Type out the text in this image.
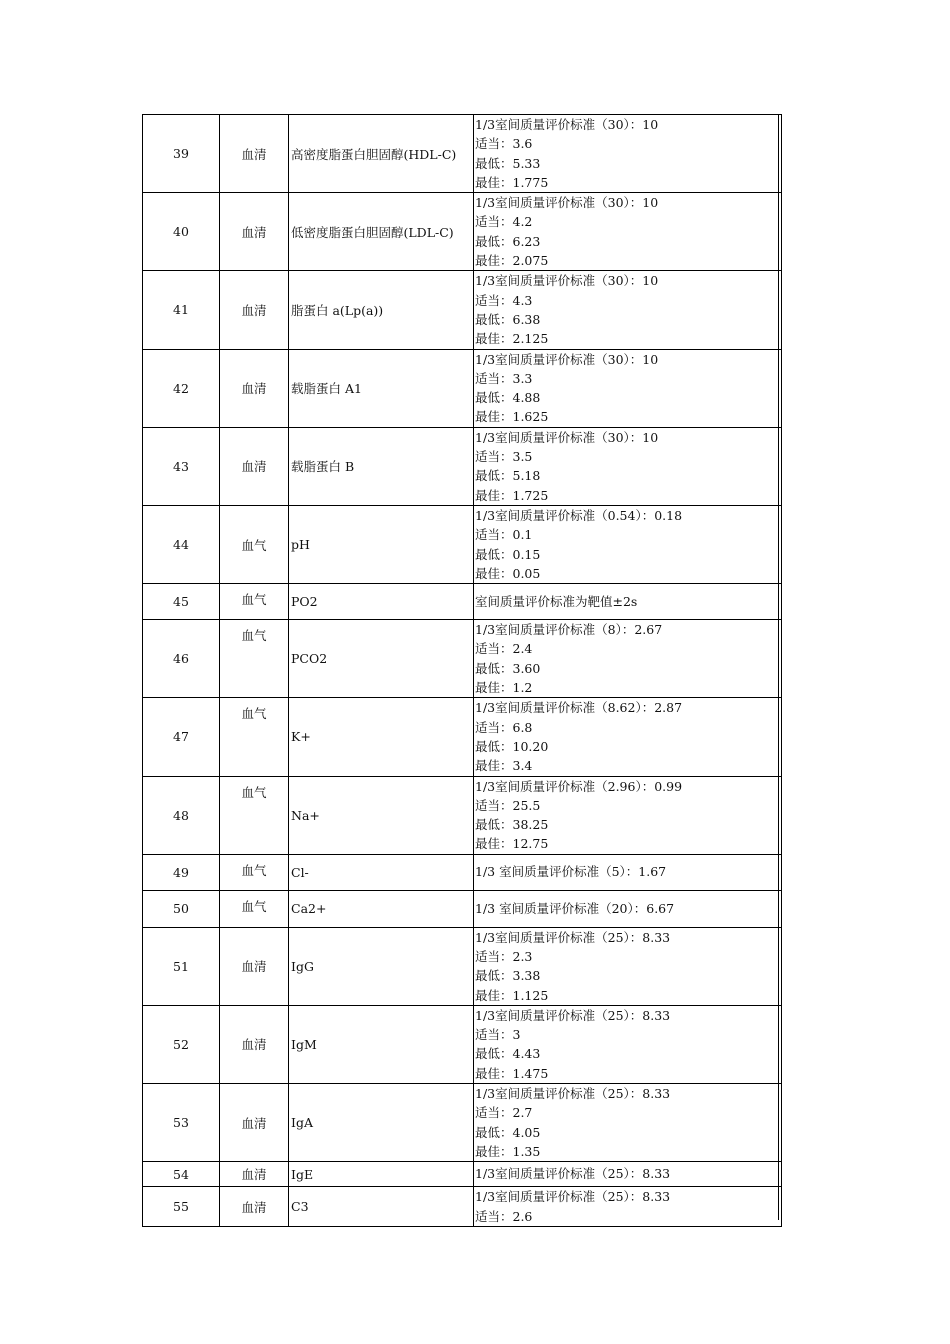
39	血清	高密度脂蛋白胆固醇(HDL-C)	1/3室间质量评价标准（30）：10
适当：3.6
最低：5.33
最佳：1.775

40	血清	低密度脂蛋白胆固醇(LDL-C)	1/3室间质量评价标准（30）：10
适当：4.2
最低：6.23
最佳：2.075

41	血清	脂蛋白 a(Lp(a))	1/3室间质量评价标准（30）：10
适当：4.3
最低：6.38
最佳：2.125

42	血清	载脂蛋白 A1	1/3室间质量评价标准（30）：10
适当：3.3
最低：4.88
最佳：1.625

43	血清	载脂蛋白 B	1/3室间质量评价标准（30）：10
适当：3.5
最低：5.18
最佳：1.725

44	血气	pH	1/3室间质量评价标准（0.54）：0.18
适当：0.1
最低：0.15
最佳：0.05

45	血气	PO2	室间质量评价标准为靶值±2s

46	血气	PCO2	1/3室间质量评价标准（8）：2.67
适当：2.4
最低：3.60
最佳：1.2

47	血气	K+	1/3室间质量评价标准（8.62）：2.87
适当：6.8
最低：10.20
最佳：3.4

48	血气	Na+	1/3室间质量评价标准（2.96）：0.99
适当：25.5
最低：38.25
最佳：12.75

49	血气	Cl-	1/3 室间质量评价标准（5）：1.67

50	血气	Ca2+	1/3 室间质量评价标准（20）：6.67

51	血清	IgG	1/3室间质量评价标准（25）：8.33
适当：2.3
最低：3.38
最佳：1.125

52	血清	IgM	1/3室间质量评价标准（25）：8.33
适当：3
最低：4.43
最佳：1.475

53	血清	IgA	1/3室间质量评价标准（25）：8.33
适当：2.7
最低：4.05
最佳：1.35

54	血清	IgE	1/3室间质量评价标准（25）：8.33

55	血清	C3	1/3室间质量评价标准（25）：8.33
适当：2.6
